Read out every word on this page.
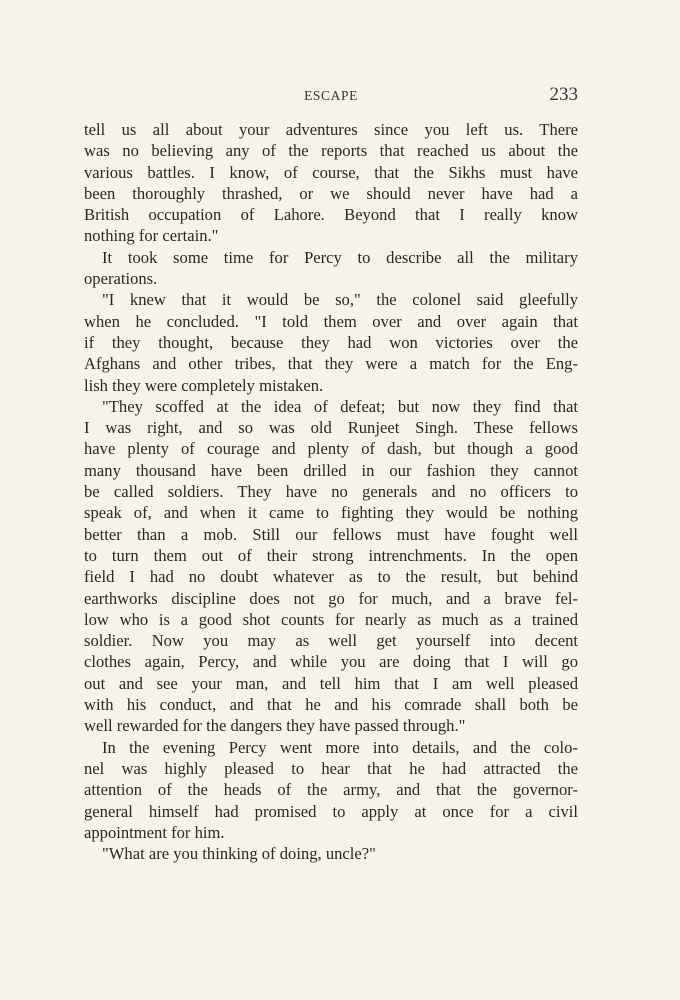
ESCAPE	233
tell us all about your adventures since you left us. There
was no believing any of the reports that reached us about the
various battles. I know, of course, that the Sikhs must have
been thoroughly thrashed, or we should never have had a
British occupation of Lahore. Beyond that I really know
nothing for certain."
It took some time for Percy to describe all the military
operations.
"I knew that it would be so," the colonel said gleefully
when he concluded. "I told them over and over again that
if they thought, because they had won victories over the
Afghans and other tribes, that they were a match for the Eng-
lish they were completely mistaken.
"They scoffed at the idea of defeat; but now they find that
I was right, and so was old Runjeet Singh. These fellows
have plenty of courage and plenty of dash, but though a good
many thousand have been drilled in our fashion they cannot
be called soldiers. They have no generals and no officers to
speak of, and when it came to fighting they would be nothing
better than a mob. Still our fellows must have fought well
to turn them out of their strong intrenchments. In the open
field I had no doubt whatever as to the result, but behind
earthworks discipline does not go for much, and a brave fel-
low who is a good shot counts for nearly as much as a trained
soldier. Now you may as well get yourself into decent
clothes again, Percy, and while you are doing that I will go
out and see your man, and tell him that I am well pleased
with his conduct, and that he and his comrade shall both be
well rewarded for the dangers they have passed through."
In the evening Percy went more into details, and the colo-
nel was highly pleased to hear that he had attracted the
attention of the heads of the army, and that the governor-
general himself had promised to apply at once for a civil
appointment for him.
"What are you thinking of doing, uncle?"
